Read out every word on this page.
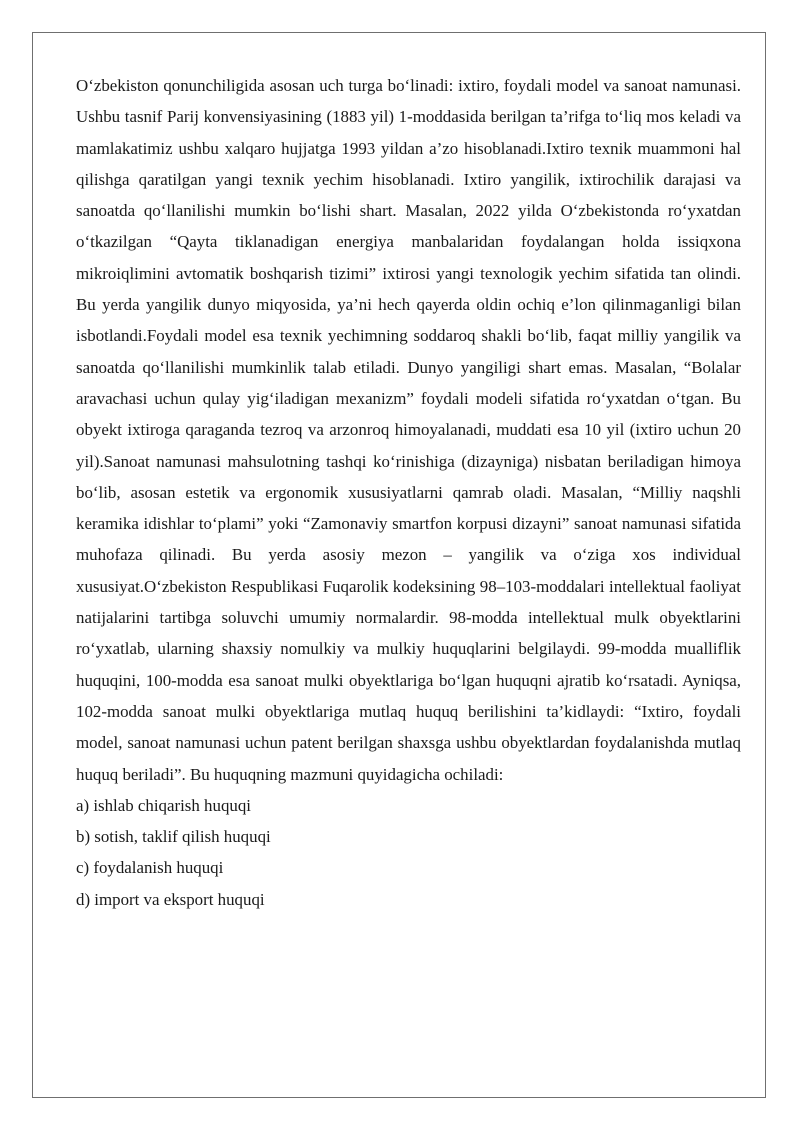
O‘zbekiston qonunchiligida asosan uch turga bo‘linadi: ixtiro, foydali model va sanoat namunasi. Ushbu tasnif Parij konvensiyasining (1883 yil) 1-moddasida berilgan ta’rifga to‘liq mos keladi va mamlakatimiz ushbu xalqaro hujjatga 1993 yildan a’zo hisoblanadi.Ixtiro texnik muammoni hal qilishga qaratilgan yangi texnik yechim hisoblanadi. Ixtiro yangilik, ixtirochilik darajasi va sanoatda qo‘llanilishi mumkin bo‘lishi shart. Masalan, 2022 yilda O‘zbekistonda ro‘yxatdan o‘tkazilgan “Qayta tiklanadigan energiya manbalaridan foydalangan holda issiqxona mikroiqlimini avtomatik boshqarish tizimi” ixtirosi yangi texnologik yechim sifatida tan olindi. Bu yerda yangilik dunyo miqyosida, ya’ni hech qayerda oldin ochiq e’lon qilinmaganligi bilan isbotlandi.Foydali model esa texnik yechimning soddaroq shakli bo‘lib, faqat milliy yangilik va sanoatda qo‘llanilishi mumkinlik talab etiladi. Dunyo yangiligi shart emas. Masalan, “Bolalar aravachasi uchun qulay yig‘iladigan mexanizm” foydali modeli sifatida ro‘yxatdan o‘tgan. Bu obyekt ixtiroga qaraganda tezroq va arzonroq himoyalanadi, muddati esa 10 yil (ixtiro uchun 20 yil).Sanoat namunasi mahsulotning tashqi ko‘rinishiga (dizayniga) nisbatan beriladigan himoya bo‘lib, asosan estetik va ergonomik xususiyatlarni qamrab oladi. Masalan, “Milliy naqshli keramika idishlar to‘plami” yoki “Zamonaviy smartfon korpusi dizayni” sanoat namunasi sifatida muhofaza qilinadi. Bu yerda asosiy mezon – yangilik va o‘ziga xos individual xususiyat.O‘zbekiston Respublikasi Fuqarolik kodeksining 98–103-moddalari intellektual faoliyat natijalarini tartibga soluvchi umumiy normalardir. 98-modda intellektual mulk obyektlarini ro‘yxatlab, ularning shaxsiy nomulkiy va mulkiy huquqlarini belgilaydi. 99-modda mualliflik huquqini, 100-modda esa sanoat mulki obyektlariga bo‘lgan huquqni ajratib ko‘rsatadi. Ayniqsa, 102-modda sanoat mulki obyektlariga mutlaq huquq berilishini ta’kidlaydi: “Ixtiro, foydali model, sanoat namunasi uchun patent berilgan shaxsga ushbu obyektlardan foydalanishda mutlaq huquq beriladi”. Bu huquqning mazmuni quyidagicha ochiladi:

a) ishlab chiqarish huquqi

b) sotish, taklif qilish huquqi

c) foydalanish huquqi

d) import va eksport huquqi
